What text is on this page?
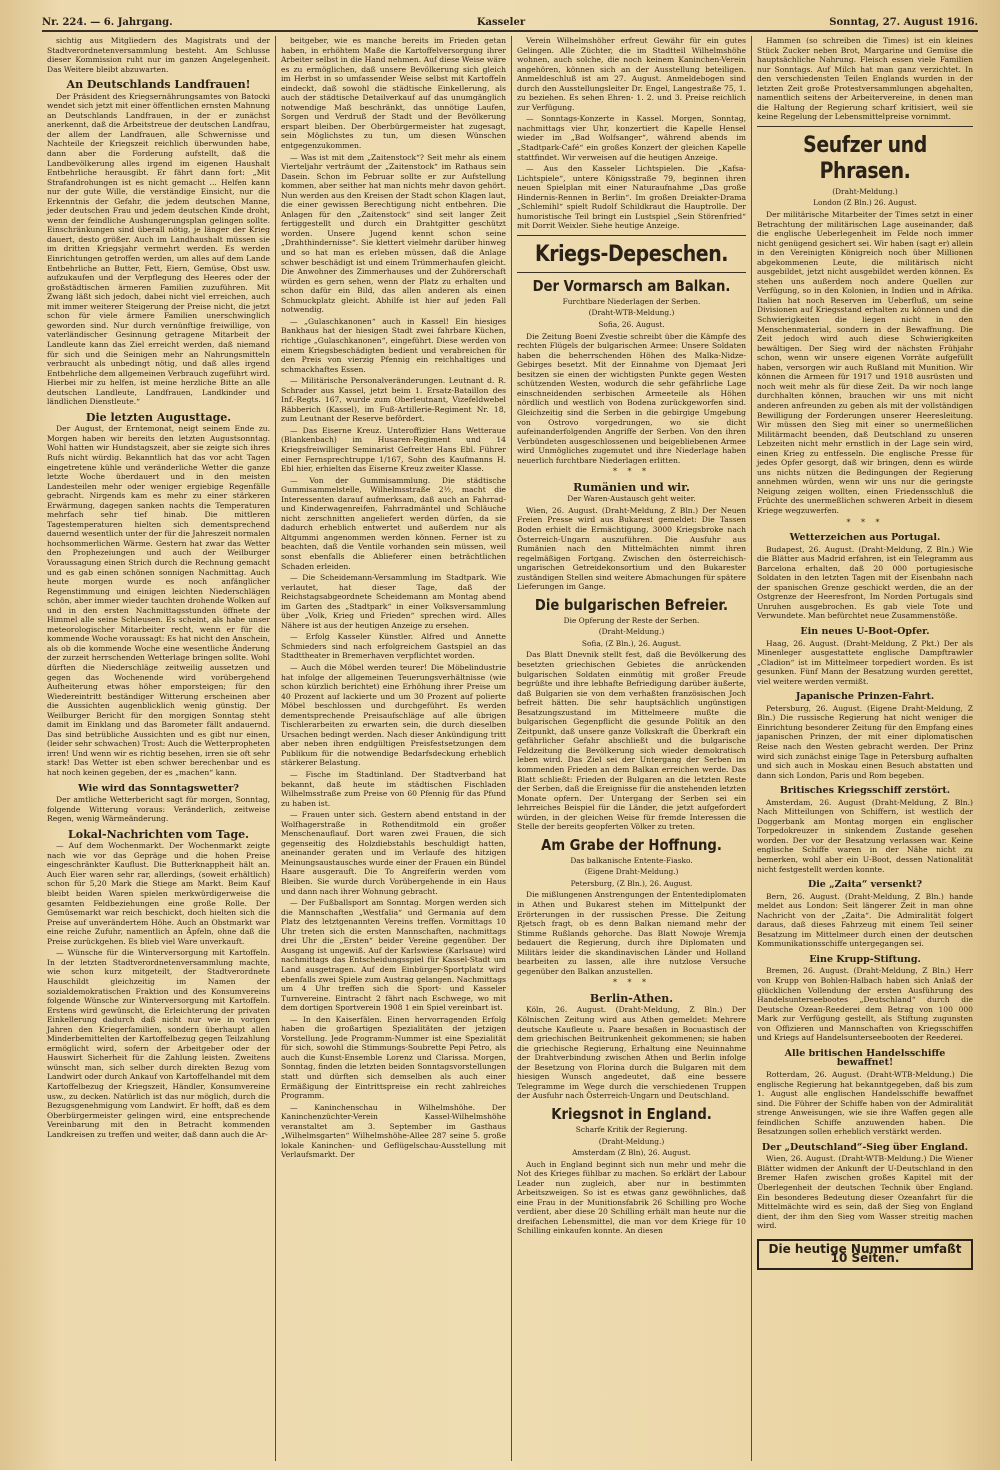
Nr. 224. — 6. Jahrgang.	Kasseler	Sonntag, 27. August 1916.

sichtig aus Mitgliedern des Magistrats und der Stadtverordnetenversammlung besteht. Am Schlusse dieser Kommission ruht nur im ganzen Angelegenheit. Das Weitere bleibt abzuwarten.

An Deutschlands Landfrauen!

Der Präsident des Kriegsernährungsamtes von Batocki wendet sich jetzt mit einer öffentlichen ernsten Mahnung an Deutschlands Landfrauen, in der er zunächst anerkennt, daß die Arbeitstreue der deutschen Landfrau, der allem der Landfrauen, alle Schwernisse und Nachteile der Kriegszeit reichlich überwunden habe, dann aber die Forderung aufstellt, daß die Landbevölkerung alles irgend im eigenen Haushalt Entbehrliche herausgibt. Er fährt dann fort: „Mit Strafandrohungen ist es nicht gemacht ... Helfen kann nur der gute Wille, die verständige Einsicht, nur die Erkenntnis der Gefahr, die jedem deutschen Manne, jeder deutschen Frau und jedem deutschen Kinde droht, wenn der feindliche Aushungerungsplan gelingen sollte. Einschränkungen sind überall nötig, je länger der Krieg dauert, desto größer. Auch im Landhaushalt müssen sie im dritten Kriegsjahr vermehrt werden. Es werden Einrichtungen getroffen werden, um alles auf dem Lande Entbehrliche an Butter, Fett, Eiern, Gemüse, Obst usw. aufzukaufen und der Verpflegung des Heeres oder der großstädtischen ärmeren Familien zuzuführen. Mit Zwang läßt sich jedoch, dabei nicht viel erreichen, auch mit immer weiterer Steigerung der Preise nicht, die jetzt schon für viele ärmere Familien unerschwinglich geworden sind. Nur durch vernünftige freiwillige, von vaterländischer Gesinnung getragene Mitarbeit der Landleute kann das Ziel erreicht werden, daß niemand für sich und die Seinigen mehr an Nahrungsmitteln verbraucht als unbedingt nötig, und daß alles irgend Entbehrliche dem allgemeinen Verbrauch zugeführt wird. Hierbei mir zu helfen, ist meine herzliche Bitte an alle deutschen Landleute, Landfrauen, Landkinder und ländlichen Dienstleute.“

Die letzten Augusttage.

Der August, der Erntemonat, neigt seinem Ende zu. Morgen haben wir bereits den letzten Augustsonntag. Wohl hatten wir Hundstagszeit, aber sie zeigte sich ihres Rufs nicht würdig. Bekanntlich hat das vor acht Tagen eingetretene kühle und veränderliche Wetter die ganze letzte Woche überdauert und in den meisten Landesteilen mehr oder weniger ergiebige Regenfälle gebracht. Nirgends kam es mehr zu einer stärkeren Erwärmung, dagegen sanken nachts die Temperaturen mehrfach sehr tief hinab. Die mittleren Tagestemperaturen hielten sich dementsprechend dauernd wesentlich unter der für die Jahreszeit normalen hochsommerlichen Wärme. Gestern hat zwar das Wetter den Prophezeiungen und auch der Weilburger Voraussagung einen Strich durch die Rechnung gemacht und es gab einen schönen sonnigen Nachmittag. Auch heute morgen wurde es noch anfänglicher Regenstimmung und einigen leichten Niederschlägen schön, aber immer wieder tauchten drohende Wolken auf und in den ersten Nachmittagsstunden öffnete der Himmel alle seine Schleusen. Es scheint, als habe unser meteorologischer Mitarbeiter recht, wenn er für die kommende Woche voraussagt: Es hat nicht den Anschein, als ob die kommende Woche eine wesentliche Änderung der zurzeit herrschenden Wetterlage bringen sollte. Wohl dürften die Niederschläge zeitweilig aussetzen und gegen das Wochenende wird vorübergehend Aufheiterung etwas höher emporsteigen; für den Wiedereintritt beständiger Witterung erscheinen aber die Aussichten augenblicklich wenig günstig. Der Weilburger Bericht für den morgigen Sonntag steht damit im Einklang und das Barometer fällt andauernd. Das sind betrübliche Aussichten und es gibt nur einen, (leider sehr schwachen) Trost: Auch die Wetterpropheten irren! Und wenn wir es richtig besehen, irren sie oft sehr stark! Das Wetter ist eben schwer berechenbar und es hat noch keinen gegeben, der es „machen“ kann.

Wie wird das Sonntagswetter?

Der amtliche Wetterbericht sagt für morgen, Sonntag, folgende Witterung voraus: Veränderlich, zeitweise Regen, wenig Wärmeänderung.

Lokal-Nachrichten vom Tage.

— Auf dem Wochenmarkt. Der Wochenmarkt zeigte nach wie vor das Gepräge und die hohen Preise eingeschränkter Kauflust. Die Butterknappheit hält an. Auch Eier waren sehr rar, allerdings, (soweit erhältlich) schon für 5,20 Mark die Stiege am Markt. Beim Kauf bleibt beiden Waren spielen merkwürdigerweise die gesamten Feldbeziehungen eine große Rolle. Der Gemüsemarkt war reich beschickt, doch hielten sich die Preise auf unverändertem Höhe. Auch an Obstmarkt war eine reiche Zufuhr, namentlich an Äpfeln, ohne daß die Preise zurückgehen. Es blieb viel Ware unverkauft.

— Wünsche für die Winterversorgung mit Kartoffeln. In der letzten Stadtverordnetenversammlung machte, wie schon kurz mitgeteilt, der Stadtverordnete Hauschildt gleichzeitig im Namen der sozialdemokratischen Fraktion und des Konsumvereins folgende Wünsche zur Winterversorgung mit Kartoffeln. Erstens wird gewünscht, die Erleichterung der privaten Einkellerung dadurch daß nicht nur wie in vorigen Jahren den Kriegerfamilien, sondern überhaupt allen Minderbemittelten der Kartoffelbezug gegen Teilzahlung ermöglicht wird, sofern der Arbeitgeber oder der Hauswirt Sicherheit für die Zahlung leisten. Zweitens wünscht man, sich selber durch direkten Bezug vom Landwirt oder durch Ankauf von Kartoffelhandel mit dem Kartoffelbezug der Kriegszeit, Händler, Konsumvereine usw., zu decken. Natürlich ist das nur möglich, durch die Bezugsgenehmigung vom Landwirt. Er hofft, daß es dem Oberbürgermeister gelingen wird, eine entsprechende Vereinbarung mit den in Betracht kommenden Landkreisen zu treffen und weiter, daß dann auch die Ar-

beitgeber, wie es manche bereits im Frieden getan haben, in erhöhtem Maße die Kartoffelversorgung ihrer Arbeiter selbst in die Hand nehmen. Auf diese Weise wäre es zu ermöglichen, daß unsere Bevölkerung sich gleich im Herbst in so umfassender Weise selbst mit Kartoffeln eindeckt, daß sowohl die städtische Einkellerung, als auch der städtische Detailverkauf auf das unumgänglich notwendige Maß beschränkt, das unnötige Laufen, Sorgen und Verdruß der Stadt und der Bevölkerung erspart bleiben. Der Oberbürgermeister hat zugesagt, sein Möglichstes zu tun, um diesen Wünschen entgegenzukommen.

— Was ist mit dem „Zaitenstock“? Seit mehr als einem Vierteljahr verträumt der „Zaitenstock“ im Rathaus sein Dasein. Schon im Februar sollte er zur Aufstellung kommen, aber seither hat man nichts mehr davon gehört. Nun werden aus den Kreisen der Stadt schon Klagen laut, die einer gewissen Berechtigung nicht entbehren. Die Anlagen für den „Zaitenstock“ sind seit langer Zeit fertiggestellt und durch ein Drahtgitter geschützt worden. Unsere Jugend kennt schon seine „Drahthindernisse“. Sie klettert vielmehr darüber hinweg und so hat man es erleben müssen, daß die Anlage schwer beschädigt ist und einem Trümmerhaufen gleicht. Die Anwohner des Zimmerhauses und der Zuhörerschaft würden es gern sehen, wenn der Platz zu erhalten und schon dafür ein Bild, das allen anderen als einen Schmuckplatz gleicht. Abhilfe ist hier auf jeden Fall notwendig.

— „Gulaschkanonen“ auch in Kassel! Ein hiesiges Bankhaus hat der hiesigen Stadt zwei fahrbare Küchen, richtige „Gulaschkanonen“, eingeführt. Diese werden von einem Kriegsbeschädigten bedient und verabreichen für den Preis von vierzig Pfennig ein reichhaltiges und schmackhaftes Essen.

— Militärische Personalveränderungen. Leutnant d. R. Schrader aus Kassel, jetzt beim 1. Ersatz-Bataillon des Inf.-Regts. 167, wurde zum Oberleutnant, Vizefeldwebel Räbberich (Kassel), im Fuß-Artillerie-Regiment Nr. 18, zum Leutnant der Reserve befördert.

— Das Eiserne Kreuz. Unteroffizier Hans Wetteraue (Blankenbach) im Husaren-Regiment und 14 Kriegsfreiwilliger Seminarist Gefreiter Hans Ebl. Führer einer Fernsprechtruppe 1/167, Sohn des Kaufmanns H. Ebl hier, erhielten das Eiserne Kreuz zweiter Klasse.

— Von der Gummisammlung. Die städtische Gummisammelstelle, Wilhelmsstraße 2½, macht die Interessenten darauf aufmerksam, daß auch an Fahrrad- und Kinderwagenreifen, Fahrradmäntel und Schläuche nicht zerschnitten angeliefert werden dürfen, da sie dadurch erheblich entwertet und außerdem nur als Altgummi angenommen werden können. Ferner ist zu beachten, daß die Ventile vorhanden sein müssen, weil sonst ebenfalls die Ablieferer einen beträchtlichen Schaden erleiden.

— Die Scheidemann-Versammlung im Stadtpark. Wie verlautet, hat dieser Tage, daß der Reichstagsabgeordnete Scheidemann am Montag abend im Garten des „Stadtpark“ in einer Volksversammlung über „Volk, Krieg und Frieden“ sprechen wird. Alles Nähere ist aus der heutigen Anzeige zu ersehen.

— Erfolg Kasseler Künstler. Alfred und Annette Schmieders sind nach erfolgreichem Gastspiel an das Stadttheater in Bremerhaven verpflichtet worden.

— Auch die Möbel werden teurer! Die Möbelindustrie hat infolge der allgemeinen Teuerungsverhältnisse (wie schon kürzlich berichtet) eine Erhöhung ihrer Preise um 40 Prozent auf lackierte und um 30 Prozent auf polierte Möbel beschlossen und durchgeführt. Es werden dementsprechende Preisaufschläge auf alle übrigen Tischlerarbeiten zu erwarten sein, die durch dieselben Ursachen bedingt werden. Nach dieser Ankündigung tritt aber neben ihren endgültigen Preisfestsetzungen dem Publikum für die notwendige Bedarfsdeckung erheblich stärkerer Belastung.

— Fische im Stadtinland. Der Stadtverband hat bekannt, daß heute im städtischen Fischladen Wilhelmsstraße zum Preise von 60 Pfennig für das Pfund zu haben ist.

— Frauen unter sich. Gestern abend entstand in der Wolfhagerstraße in Rothenditmold ein großer Menschenauflauf. Dort waren zwei Frauen, die sich gegenseitig des Holzdiebstahls beschuldigt hatten, aneinander geraten und im Verlaufe des hitzigen Meinungsaustausches wurde einer der Frauen ein Bündel Haare ausgerauft. Die To Angreiferin werden vom Bleiben. Sie wurde durch Vorübergehende in ein Haus und dann nach ihrer Wohnung gebracht.

— Der Fußballsport am Sonntag. Morgen werden sich die Mannschaften „Westfalia“ und Germania auf dem Platz des letztgenannten Vereins treffen. Vormittags 10 Uhr treten sich die ersten Mannschaften, nachmittags drei Uhr die „Ersten“ beider Vereine gegenüber. Der Ausgang ist ungewiß. Auf der Karlswiese (Karlsaue) wird nachmittags das Entscheidungsspiel für Kassel-Stadt um Land ausgetragen. Auf dem Einbürger-Sportplatz wird ebenfalls zwei Spiele zum Austrag gelangen. Nachmittags um 4 Uhr treffen sich die Sport- und Kasseler Turnvereine. Eintracht 2 fährt nach Eschwege, wo mit dem dortigen Sportverein 1908 1 ein Spiel vereinbart ist.

— In den Kaiserfälen. Einen hervorragenden Erfolg haben die großartigen Spezialitäten der jetzigen Vorstellung. Jede Programm-Nummer ist eine Spezialität für sich, sowohl die Stimmungs-Soubrette Pepi Petro, als auch die Kunst-Ensemble Lorenz und Clarissa. Morgen, Sonntag, finden die letzten beiden Sonntagsvorstellungen statt und dürften sich demselben als auch einer Ermäßigung der Eintrittspreise ein recht zahlreiches Programm.

— Kaninchenschau in Wilhelmshöhe. Der Kaninchenzüchter-Verein Kassel-Wilhelmshöhe veranstaltet am 3. September im Gasthaus „Wilhelmsgarten“ Wilhelmshöhe-Allee 287 seine 5. große lokale Kaninchen- und Geflügelschau-Ausstellung mit Verlaufsmarkt. Der

Verein Wilhelmshöher erfreut Gewähr für ein gutes Gelingen. Alle Züchter, die im Stadtteil Wilhelmshöhe wohnen, auch solche, die noch keinem Kaninchen-Verein angehören, können sich an der Ausstellung beteiligen. Anmeldeschluß ist am 27. August. Anmeldebogen sind durch den Ausstellungsleiter Dr. Engel, Langestraße 75, 1. zu beziehen. Es sehen Ehren- 1. 2. und 3. Preise reichlich zur Verfügung.

— Sonntags-Konzerte in Kassel. Morgen, Sonntag, nachmittags vier Uhr, konzertiert die Kapelle Hensel wieder im „Bad Wolfsanger“, während abends im „Stadtpark-Café“ ein großes Konzert der gleichen Kapelle stattfindet. Wir verweisen auf die heutigen Anzeige.

— Aus den Kasseler Lichtspielen. Die „Kafsa-Lichtspiele“, untere Königsstraße 79, beginnen ihren neuen Spielplan mit einer Naturaufnahme „Das große Hindernis-Rennen in Berlin“. Im großen Dreiakter-Drama „Schlemihl“ spielt Rudolf Schildkraut die Hauptrolle. Der humoristische Teil bringt ein Lustspiel „Sein Störenfried“ mit Dorrit Weixler. Siehe heutige Anzeige.

Kriegs-Depeschen.
Der Vormarsch am Balkan.
Furchtbare Niederlagen der Serben.
(Draht-WTB-Meldung.)
Sofia, 26. August.

Die Zeitung Boeni Zvestie schreibt über die Kämpfe des rechten Flügels der bulgarischen Armee: Unsere Soldaten haben die beherrschenden Höhen des Malka-Nidze-Gebirges besetzt. Mit der Einnahme von Djemaat Jeri besitzen sie einen der wichtigsten Punkte gegen Westen schützenden Westen, wodurch die sehr gefährliche Lage einschneidenden serbischen Armeeteile als Höhen nördlich und westlich von Bodena zurückgeworfen sind. Gleichzeitig sind die Serben in die gebirgige Umgebung von Ostrovo vorgedrungen, wo sie dicht aufeinanderfolgenden Angriffe der Serben. Von den ihren Verbündeten ausgeschlossenen und beigebliebenen Armee wird Unmögliches zugemutet und ihre Niederlage haben neuerlich furchtbare Niederlagen erlitten.

* * *
Rumänien und wir.
Der Waren-Austausch geht weiter.

Wien, 26. August. (Draht-Meldung, Z Bln.) Der Neuen Freien Presse wird aus Bukarest gemeldet: Die Tassen Boden erhielt die Ermächtigung, 3000 Kriegsbroke nach Österreich-Ungarn auszuführen. Die Ausfuhr aus Rumänien nach den Mittelmächten nimmt ihren regelmäßigen Fortgang. Zwischen den österreichisch-ungarischen Getreidekonsortium und den Bukarester zuständigen Stellen sind weitere Abmachungen für spätere Lieferungen im Gange.

Die bulgarischen Befreier.
Die Opferung der Reste der Serben.
(Draht-Meldung.)
Sofia, (Z Bln.), 26. August.

Das Blatt Dnevnik stellt fest, daß die Bevölkerung des besetzten griechischen Gebietes die anrückenden bulgarischen Soldaten einmütig mit großer Freude begrüßte und ihre lebhafte Befriedigung darüber äußerte, daß Bulgarien sie von dem verhaßten französischen Joch befreit hätten. Die sehr hauptsächlich ungünstigen Besatzungszustand im Mittelmeere mußte die bulgarischen Gegenpflicht die gesunde Politik an den Zeitpunkt, daß unsere ganze Volkskraft die Überkraft ein gefährlicher Gefahr abschließt und die bulgarische Feldzeitung die Bevölkerung sich wieder demokratisch leben wird. Das Ziel sei der Untergang der Serben im kommenden Frieden an dem Balkan erreichen werde. Das Blatt schließt: Frieden der Bulgaren an die letzten Reste der Serben, daß die Ereignisse für die anstehenden letzten Monate opfern. Der Untergang der Serben sei ein lehrreiches Beispiel für die Länder, die jetzt aufgefordert würden, in der gleichen Weise für fremde Interessen die Stelle der bereits geopferten Völker zu treten.

Am Grabe der Hoffnung.
Das balkanische Entente-Fiasko.
(Eigene Draht-Meldung.)
Petersburg, (Z Bln.), 26. August.

Die mißlungenen Anstrengungen der Ententediplomaten in Athen und Bukarest stehen im Mittelpunkt der Erörterungen in der russischen Presse. Die Zeitung Rjetsch fragt, ob es denn Balkan niemand mehr der Stimme Rußlands gehorche. Das Blatt Nowoje Wremja bedauert die Regierung, durch ihre Diplomaten und Militärs leider die skandinavischen Länder und Holland bearbeiten zu lassen, alle ihre nutzlose Versuche gegenüber den Balkan anzustellen.

* * *
Berlin-Athen.

Köln, 26. August. (Draht-Meldung, Z Bln.) Der Kölnischen Zeitung wird aus Athen gemeldet: Mehrere deutsche Kaufleute u. Paare besaßen in Bocuastisch der dem griechischen Beitrunkenheit gekommenen; sie haben die griechische Regierung, Erhaltung eine Neuinnahme der Drahtverbindung zwischen Athen und Berlin infolge der Besetzung von Florina durch die Bulgaren mit dem hiesigen Wunsch angedeutet, daß eine bessere Telegramme im Wege durch die verschiedenen Truppen der Ausfuhr nach Österreich-Ungarn und Deutschland.

Kriegsnot in England.
Scharfe Kritik der Regierung.
(Draht-Meldung.)
Amsterdam (Z Bln), 26. August.

Auch in England beginnt sich nun mehr und mehr die Not des Krieges fühlbar zu machen. So erklärt der Labour Leader nun zugleich, aber nur in bestimmten Arbeitszweigen. So ist es etwas ganz gewöhnliches, daß eine Frau in der Munitionsfabrik 26 Schilling pro Woche verdient, aber diese 20 Schilling erhält man heute nur die dreifachen Lebensmittel, die man vor dem Kriege für 10 Schilling einkaufen konnte. An diesen

Hammen (so schreiben die Times) ist ein kleines Stück Zucker neben Brot, Margarine und Gemüse die hauptsächliche Nahrung. Fleisch essen viele Familien nur Sonntags. Auf Milch hat man ganz verzichtet. In den verschiedensten Teilen Englands wurden in der letzten Zeit große Protestversammlungen abgehalten, namentlich seitens der Arbeitervereine, in denen man die Haltung der Regierung scharf kritisiert, weil sie keine Regelung der Lebensmittelpreise vornimmt.

Seufzer und Phrasen.
(Draht-Meldung.)
London (Z Bln.) 26. August.

Der militärische Mitarbeiter der Times setzt in einer Betrachtung der militärischen Lage auseinander, daß die englische Ueberlegenheit im Felde noch immer nicht genügend gesichert sei. Wir haben (sagt er) allein in den Vereinigten Königreich noch über Millionen abgekommenen Leute, die militärisch nicht ausgebildet, jetzt nicht ausgebildet werden können. Es stehen uns außerdem noch andere Quellen zur Verfügung, so in den Kolonien, in Indien und in Afrika. Italien hat noch Reserven im Ueberfluß, um seine Divisionen auf Kriegsstand erhalten zu können und die Schwierigkeiten die liegen nicht in den Menschenmaterial, sondern in der Bewaffnung. Die Zeit jedoch wird auch diese Schwierigkeiten bewältigen. Der Sieg wird der nächsten Frühjahr schon, wenn wir unsere eigenen Vorräte aufgefüllt haben, versorgen wir auch Rußland mit Munition. Wir können die Armeen für 1917 und 1918 ausrüsten und noch weit mehr als für diese Zeit. Da wir noch lange durchhalten können, brauchen wir uns mit nicht anderen anfreunden zu geben als mit der vollständigen Bewilligung der Forderungen unserer Heeresleitung. Wir müssen den Sieg mit einer so unermeßlichen Militärmacht beenden, daß Deutschland zu unseren Lebzeiten nicht mehr ernstlich in der Lage sein wird, einen Krieg zu entfesseln. Die englische Presse für jedes Opfer gesorgt, daß wir bringen, denn es würde uns nichts nützen die Bedingungen der Regierung annehmen würden, wenn wir uns nur die geringste Neigung zeigen wollten, einen Friedensschluß die Früchte des unermeßlichen schweren Arbeit in diesem Kriege wegzuwerfen.

* * *
Wetterzeichen aus Portugal.

Budapest, 26. August. (Draht-Meldung, Z Bln.) Wie die Blätter aus Madrid erfahren, ist ein Telegramm aus Barcelona erhalten, daß 20 000 portugiesische Soldaten in den letzten Tagen mit der Eisenbahn nach der spanischen Grenze geschickt werden, die an der Ostgrenze der Heeresfront, Im Norden Portugals sind Unruhen ausgebrochen. Es gab viele Tote und Verwundete. Man befürchtet neue Zusammenstöße.

Ein neues U-Boot-Opfer.

Haag, 26. August. (Draht-Meldung, Z Pkt.) Der als Minenleger ausgestattete englische Dampftrawler „Cladion“ ist im Mittelmeer torpediert worden. Es ist gesunken. Fünf Mann der Besatzung wurden gerettet, viel weitere werden vermißt.

Japanische Prinzen-Fahrt.

Petersburg, 26. August. (Eigene Draht-Meldung, Z Bln.) Die russische Regierung hat nicht weniger die Einrichtung besonderer Zeitung für den Empfang eines japanischen Prinzen, der mit einer diplomatischen Reise nach den Westen gebracht werden. Der Prinz wird sich zunächst einige Tage in Petersburg aufhalten und sich auch in Moskau einen Besuch abstatten und dann sich London, Paris und Rom begeben.

Britisches Kriegsschiff zerstört.

Amsterdam, 26. August (Draht-Meldung, Z Bln.) Nach Mitteilungen von Schiffern, ist westlich der Doggerbank am Montag morgen ein englischer Torpedokreuzer in sinkendem Zustande gesehen worden. Der vor der Besatzung verlassen war. Keine englische Schiffe waren in der Nähe nicht zu bemerken, wohl aber ein U-Boot, dessen Nationalität nicht festgestellt werden konnte.

Die „Zaita“ versenkt?

Bern, 26. August. (Draht-Meldung, Z Bln.) hande meldet aus London: Seit längerer Zeit in man ohne Nachricht von der „Zaita“. Die Admiralität folgert daraus, daß dieses Fahrzeug mit einem Teil seiner Besatzung im Mittelmeer durch einen der deutschen Kommunikationsschiffe untergegangen sei.

Eine Krupp-Stiftung.

Bremen, 26. August. (Draht-Meldung, Z Bln.) Herr von Krupp von Bohlen-Halbach haben sich Anlaß der glücklichen Vollendung der ersten Ausführung des Handelsunterseebootes „Deutschland“ durch die Deutsche Ozean-Reederei dem Betrag von 100 000 Mark zur Verfügung gestellt, als Stiftung zugunsten von Offizieren und Mannschaften von Kriegsschiffen und Kriegs auf Handelsunterseebooten der Reederei.

Alle britischen Handelsschiffe bewaffnet!

Rotterdam, 26. August. (Draht-WTB-Meldung.) Die englische Regierung hat bekanntgegeben, daß bis zum 1. August alle englischen Handelsschiffe bewaffnet sind. Die Führer der Schiffe haben von der Admiralität strenge Anweisungen, wie sie ihre Waffen gegen alle feindlichen Schiffe anzuwenden haben. Die Besatzungen sollen erheblich verstärkt werden.

Der „Deutschland“-Sieg über England.

Wien, 26. August. (Draht-WTB-Meldung.) Die Wiener Blätter widmen der Ankunft der U-Deutschland in den Bremer Hafen zwischen großes Kapitel mit der Überlegenheit der deutschen Technik über England. Ein besonderes Bedeutung dieser Ozeanfahrt für die Mittelmächte wird es sein, daß der Sieg von England dient, der ihm den Sieg vom Wasser streitig machen wird.

Die heutige Nummer umfaßt 10 Seiten.
